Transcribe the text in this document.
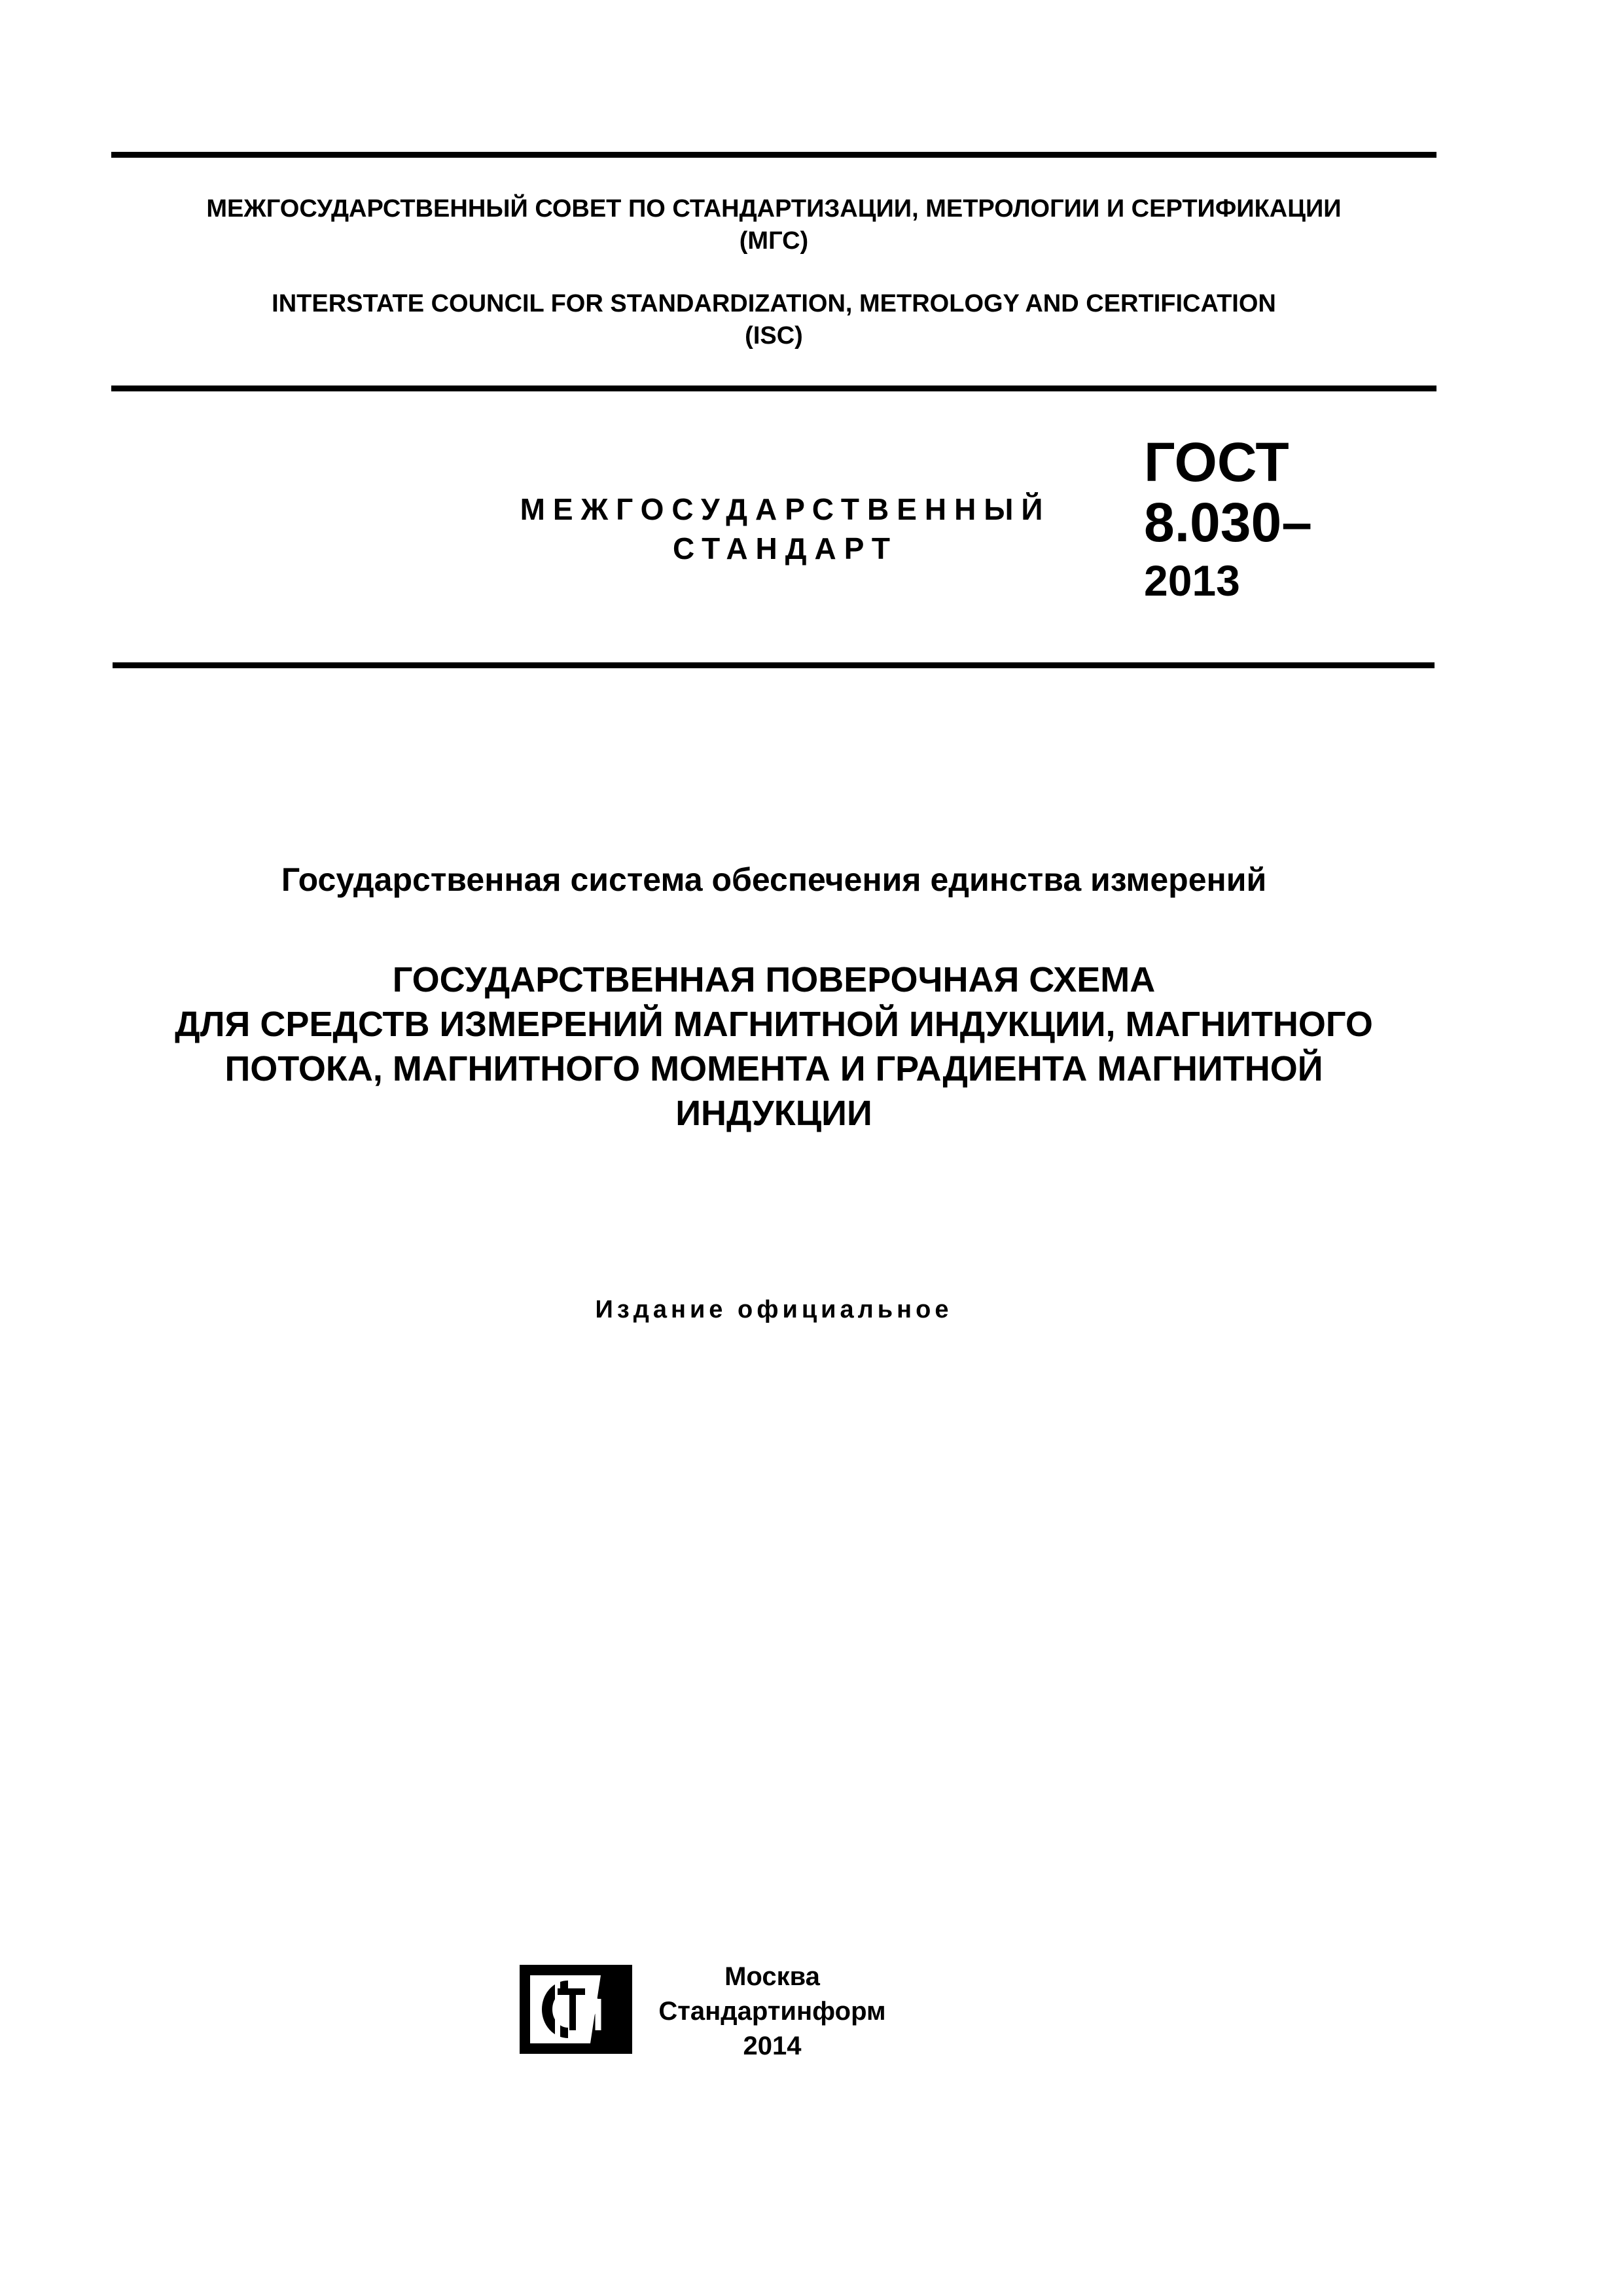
МЕЖГОСУДАРСТВЕННЫЙ СОВЕТ ПО СТАНДАРТИЗАЦИИ, МЕТРОЛОГИИ И СЕРТИФИКАЦИИ
(МГС)
INTERSTATE COUNCIL FOR STANDARDIZATION, METROLOGY AND CERTIFICATION
(ISC)
МЕЖГОСУДАРСТВЕННЫЙ
СТАНДАРТ
ГОСТ
8.030–
2013
Государственная система обеспечения единства измерений
ГОСУДАРСТВЕННАЯ ПОВЕРОЧНАЯ СХЕМА
ДЛЯ СРЕДСТВ ИЗМЕРЕНИЙ МАГНИТНОЙ ИНДУКЦИИ, МАГНИТНОГО
ПОТОКА, МАГНИТНОГО МОМЕНТА И ГРАДИЕНТА МАГНИТНОЙ
ИНДУКЦИИ
Издание официальное
Москва
Стандартинформ
2014
